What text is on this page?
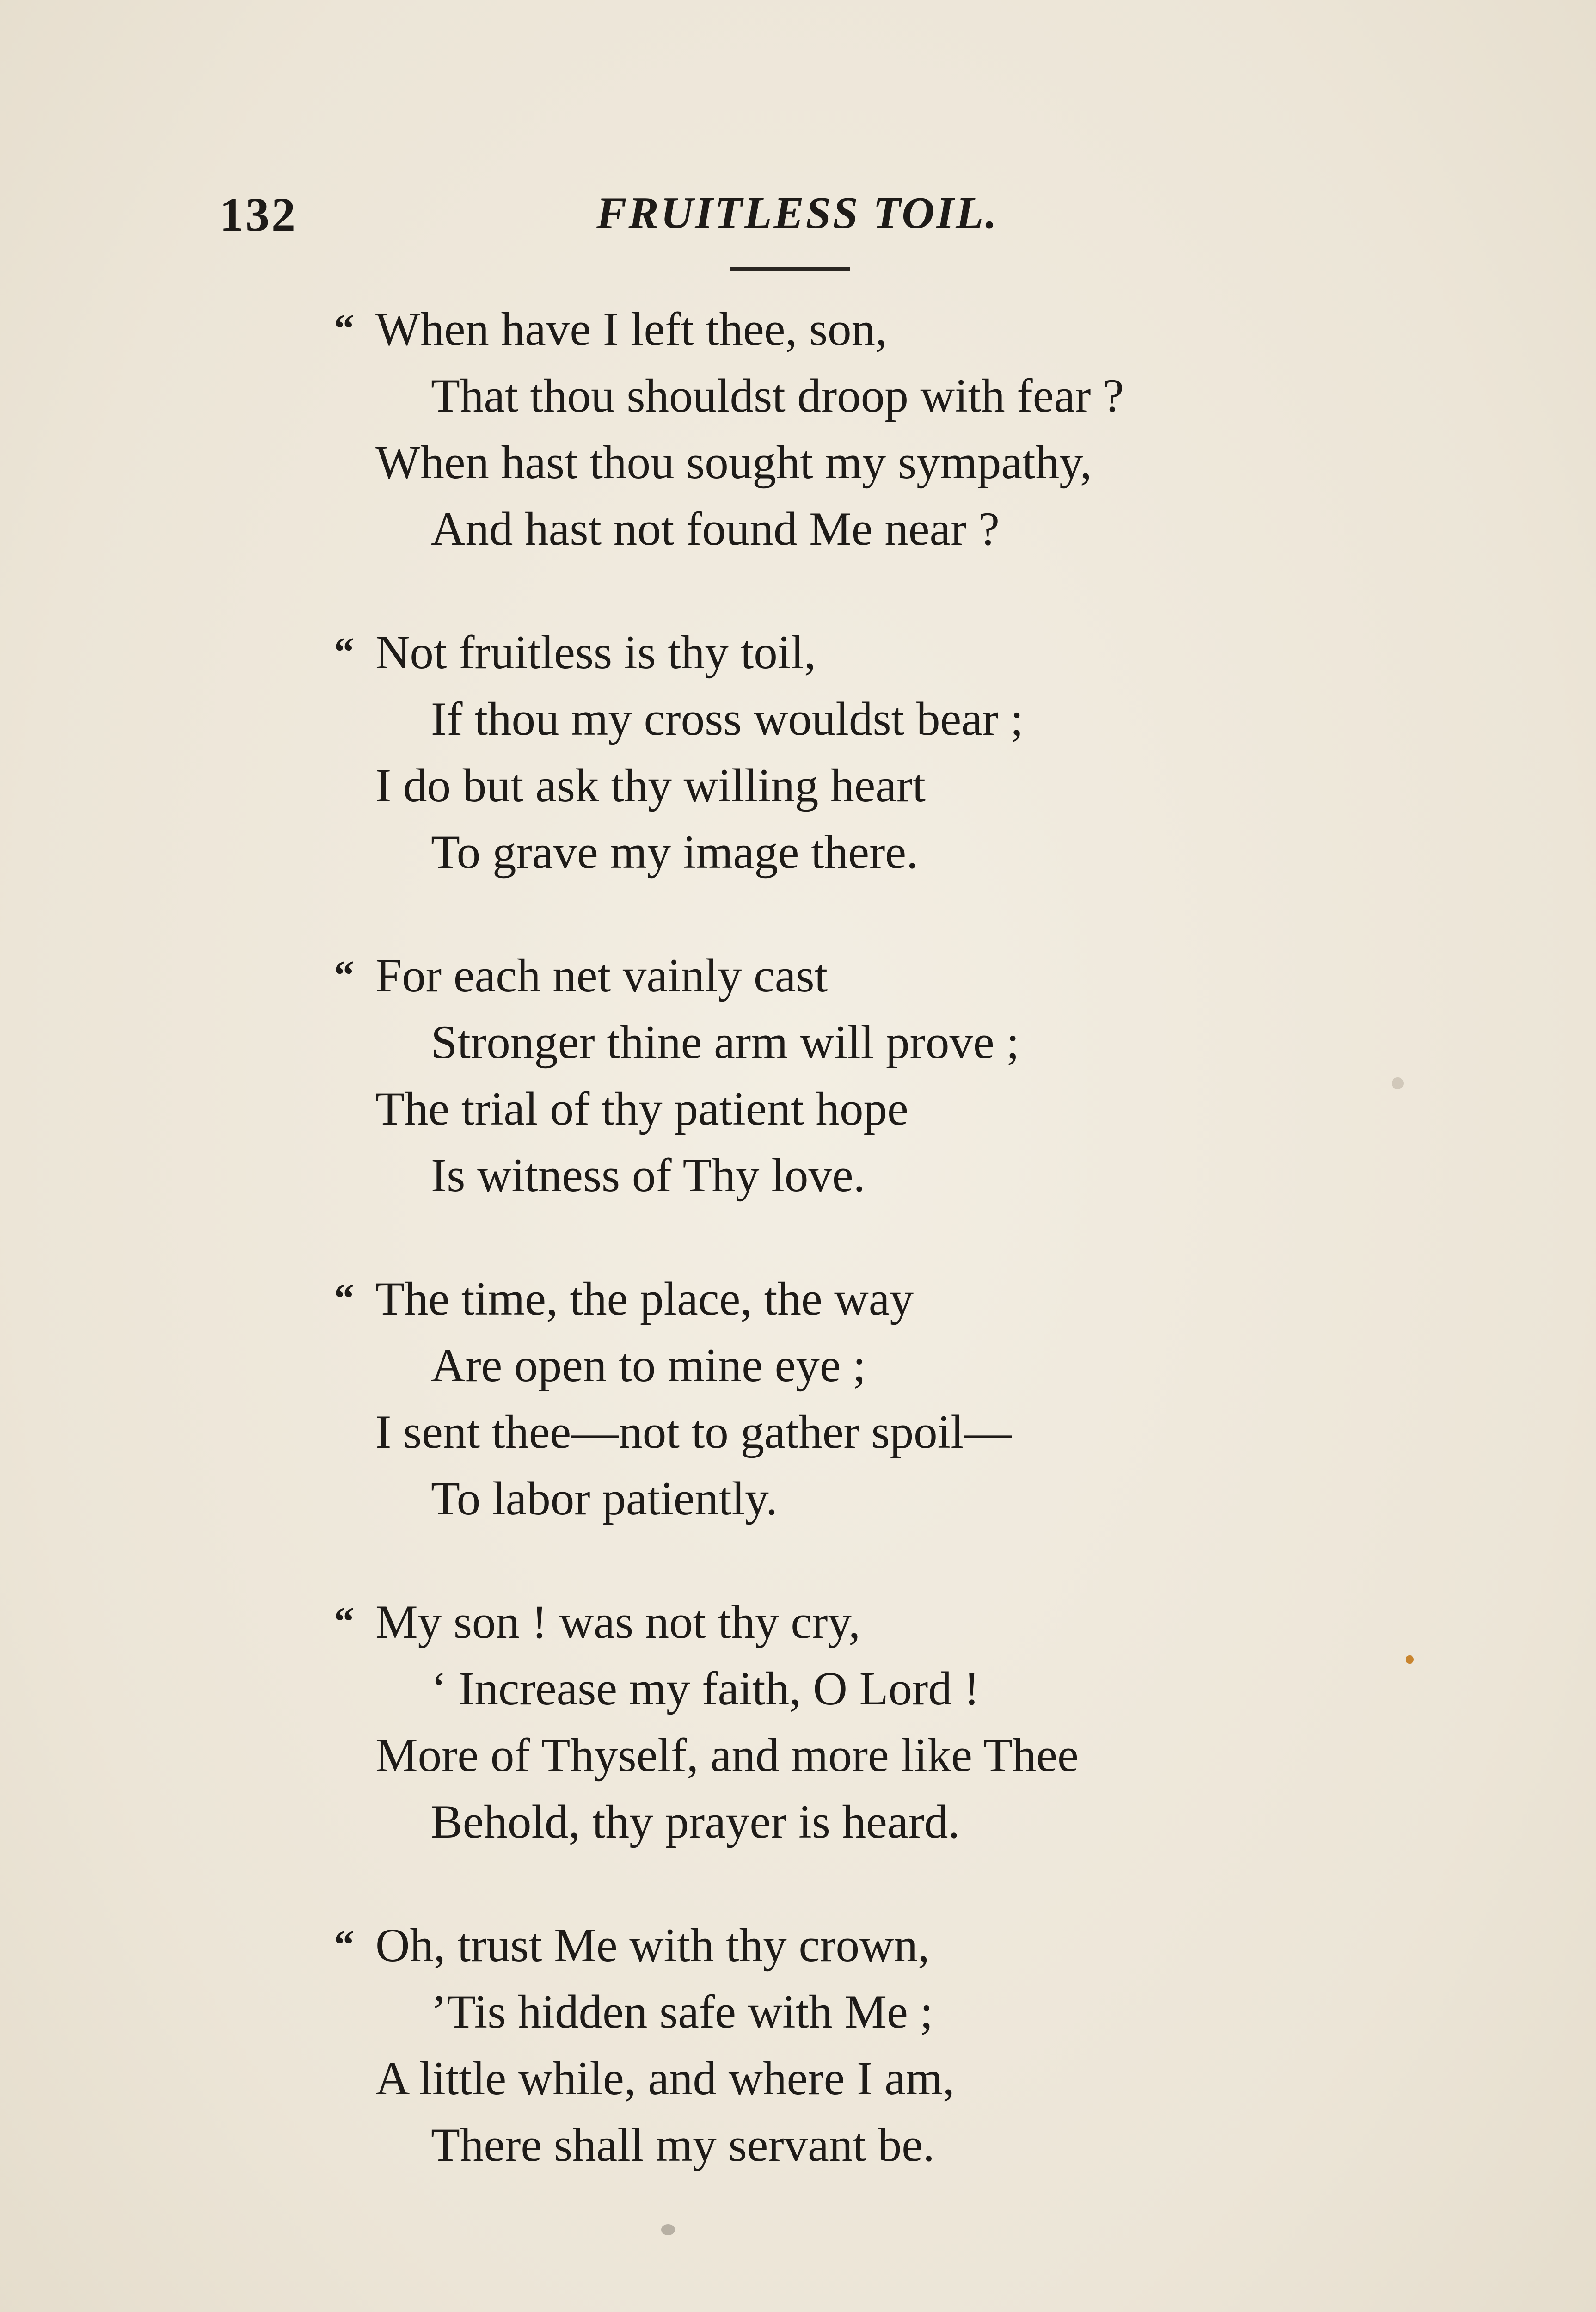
132	FRUITLESS TOIL.
“ When have I left thee, son,
That thou shouldst droop with fear ?
When hast thou sought my sympathy,
And hast not found Me near ?
“ Not fruitless is thy toil,
If thou my cross wouldst bear ;
I do but ask thy willing heart
To grave my image there.
“ For each net vainly cast
Stronger thine arm will prove ;
The trial of thy patient hope
Is witness of Thy love.
“ The time, the place, the way
Are open to mine eye ;
I sent thee—not to gather spoil—
To labor patiently.
“ My son ! was not thy cry,
‘ Increase my faith, O Lord !
More of Thyself, and more like Thee
Behold, thy prayer is heard.
“ Oh, trust Me with thy crown,
’Tis hidden safe with Me ;
A little while, and where I am,
There shall my servant be.
